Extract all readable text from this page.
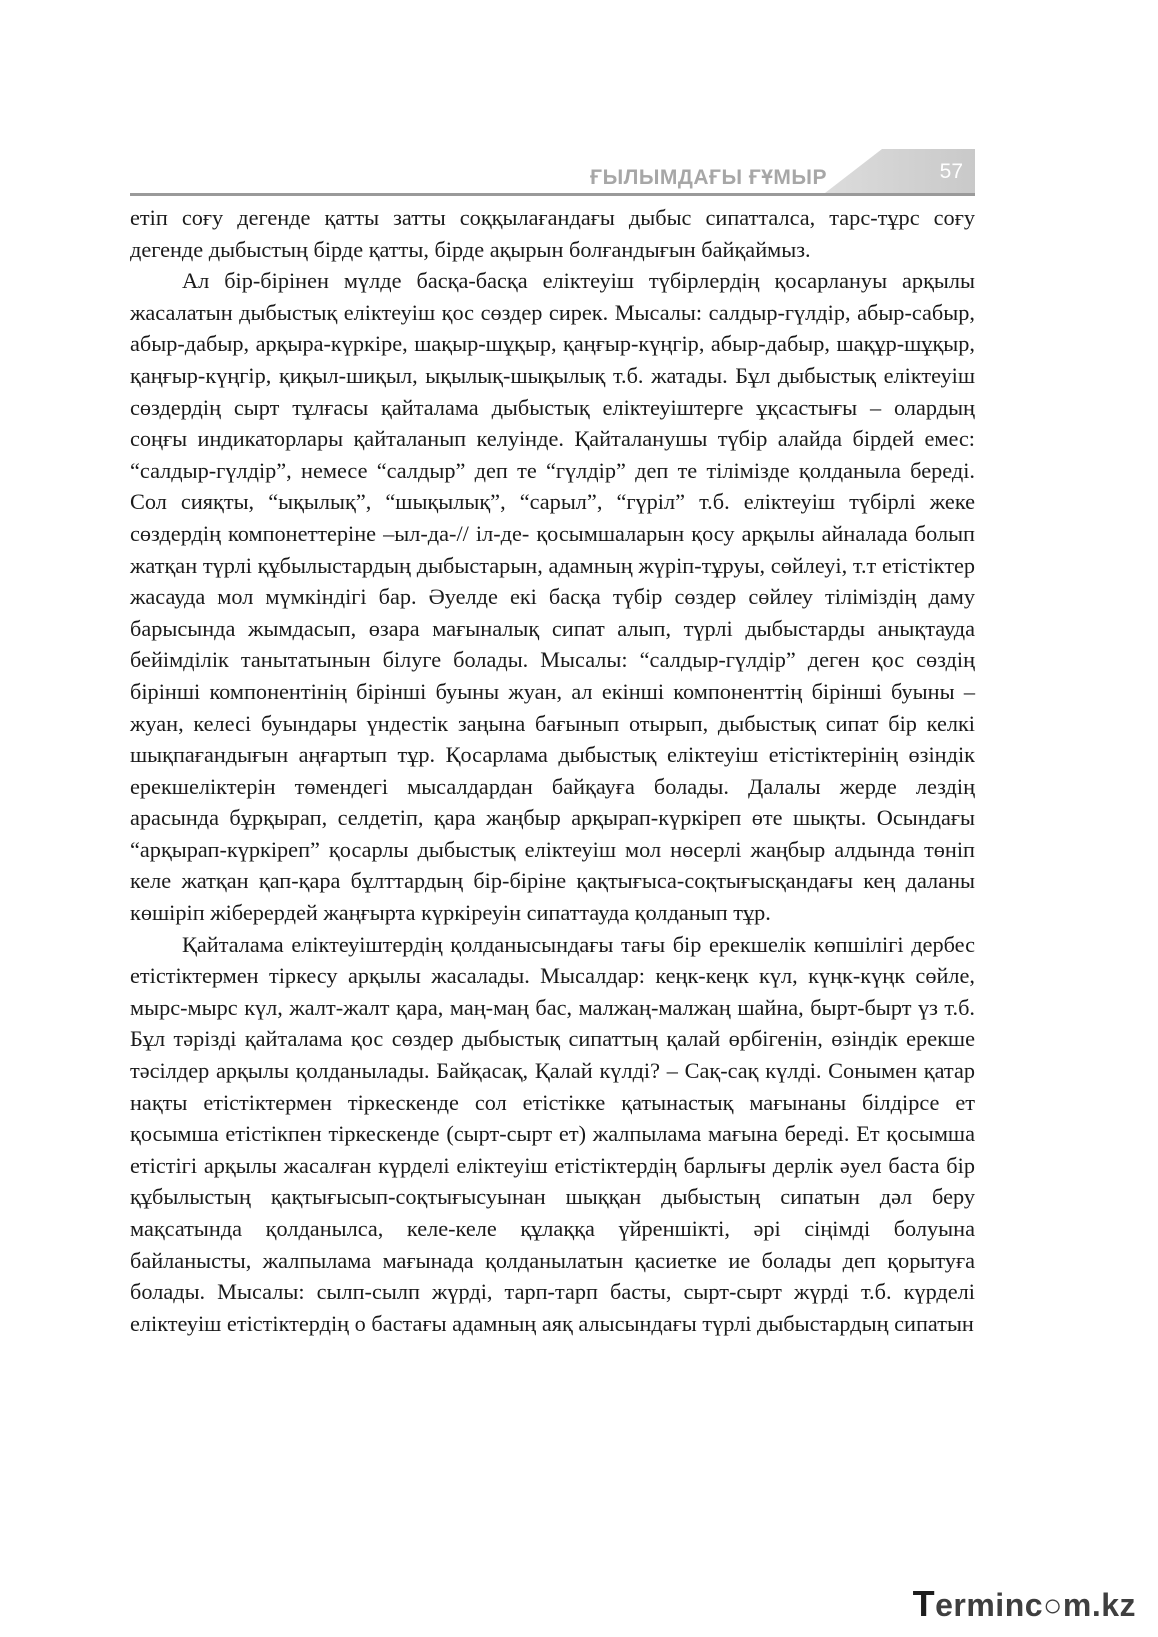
ҒЫЛЫМДАҒЫ ҒҰМЫР	57

етіп соғу дегенде қатты затты соққылағандағы дыбыс сипатталса, тарс-тұрс соғу дегенде дыбыстың бірде қатты, бірде ақырын болғандығын байқаймыз.

Ал бір-бірінен мүлде басқа-басқа еліктеуіш түбірлердің қосарлануы арқылы жасалатын дыбыстық еліктеуіш қос сөздер сирек. Мысалы: салдыр-гүлдір, абыр-сабыр, абыр-дабыр, арқыра-күркіре, шақыр-шұқыр, қаңғыр-күңгір, абыр-дабыр, шақұр-шұқыр, қаңғыр-күңгір, қиқыл-шиқыл, ықылық-шықылық т.б. жатады. Бұл дыбыстық еліктеуіш сөздердің сырт тұлғасы қайталама дыбыстық еліктеуіштерге ұқсастығы – олардың соңғы индикаторлары қайталанып келуінде. Қайталанушы түбір алайда бірдей емес: “салдыр-гүлдір”, немесе “салдыр” деп те “гүлдір” деп те тілімізде қолданыла береді. Сол сияқты, “ықылық”, “шықылық”, “сарыл”, “гүріл” т.б. еліктеуіш түбірлі жеке сөздердің компонеттеріне –ыл-да-// іл-де- қосымшаларын қосу арқылы айналада болып жатқан түрлі құбылыстардың дыбыстарын, адамның жүріп-тұруы, сөйлеуі, т.т етістіктер жасауда мол мүмкіндігі бар. Әуелде екі басқа түбір сөздер сөйлеу тіліміздің даму барысында жымдасып, өзара мағыналық сипат алып, түрлі дыбыстарды анықтауда бейімділік танытатынын білуге болады. Мысалы: “салдыр-гүлдір” деген қос сөздің бірінші компонентінің бірінші буыны жуан, ал екінші компоненттің бірінші буыны – жуан, келесі буындары үндестік заңына бағынып отырып, дыбыстық сипат бір келкі шықпағандығын аңғартып тұр. Қосарлама дыбыстық еліктеуіш етістіктерінің өзіндік ерекшеліктерін төмендегі мысалдардан байқауға болады. Далалы жерде лездің арасында бұрқырап, селдетіп, қара жаңбыр арқырап-күркіреп өте шықты. Осындағы “арқырап-күркіреп” қосарлы дыбыстық еліктеуіш мол нөсерлі жаңбыр алдында төніп келе жатқан қап-қара бұлттардың бір-біріне қақтығыса-соқтығысқандағы кең даланы көшіріп жіберердей жаңғырта күркіреуін сипаттауда қолданып тұр.

Қайталама еліктеуіштердің қолданысындағы тағы бір ерекшелік көпшілігі дербес етістіктермен тіркесу арқылы жасалады. Мысалдар: кеңк-кеңк күл, күңк-күңк сөйле, мырс-мырс күл, жалт-жалт қара, маң-маң бас, малжаң-малжаң шайна, бырт-бырт үз т.б. Бұл тәрізді қайталама қос сөздер дыбыстық сипаттың қалай өрбігенін, өзіндік ерекше тәсілдер арқылы қолданылады. Байқасақ, Қалай күлді? – Сақ-сақ күлді. Сонымен қатар нақты етістіктермен тіркескенде сол етістікке қатынастық мағынаны білдірсе ет қосымша етістікпен тіркескенде (сырт-сырт ет) жалпылама мағына береді. Ет қосымша етістігі арқылы жасалған күрделі еліктеуіш етістіктердің барлығы дерлік әуел баста бір құбылыстың қақтығысып-соқтығысуынан шыққан дыбыстың сипатын дәл беру мақсатында қолданылса, келе-келе құлаққа үйреншікті, әрі сіңімді болуына байланысты, жалпылама мағынада қолданылатын қасиетке ие болады деп қорытуға болады. Мысалы: сылп-сылп жүрді, тарп-тарп басты, сырт-сырт жүрді т.б. күрделі еліктеуіш етістіктердің о бастағы адамның аяқ алысындағы түрлі дыбыстардың сипатын

Terminc○m.kz
